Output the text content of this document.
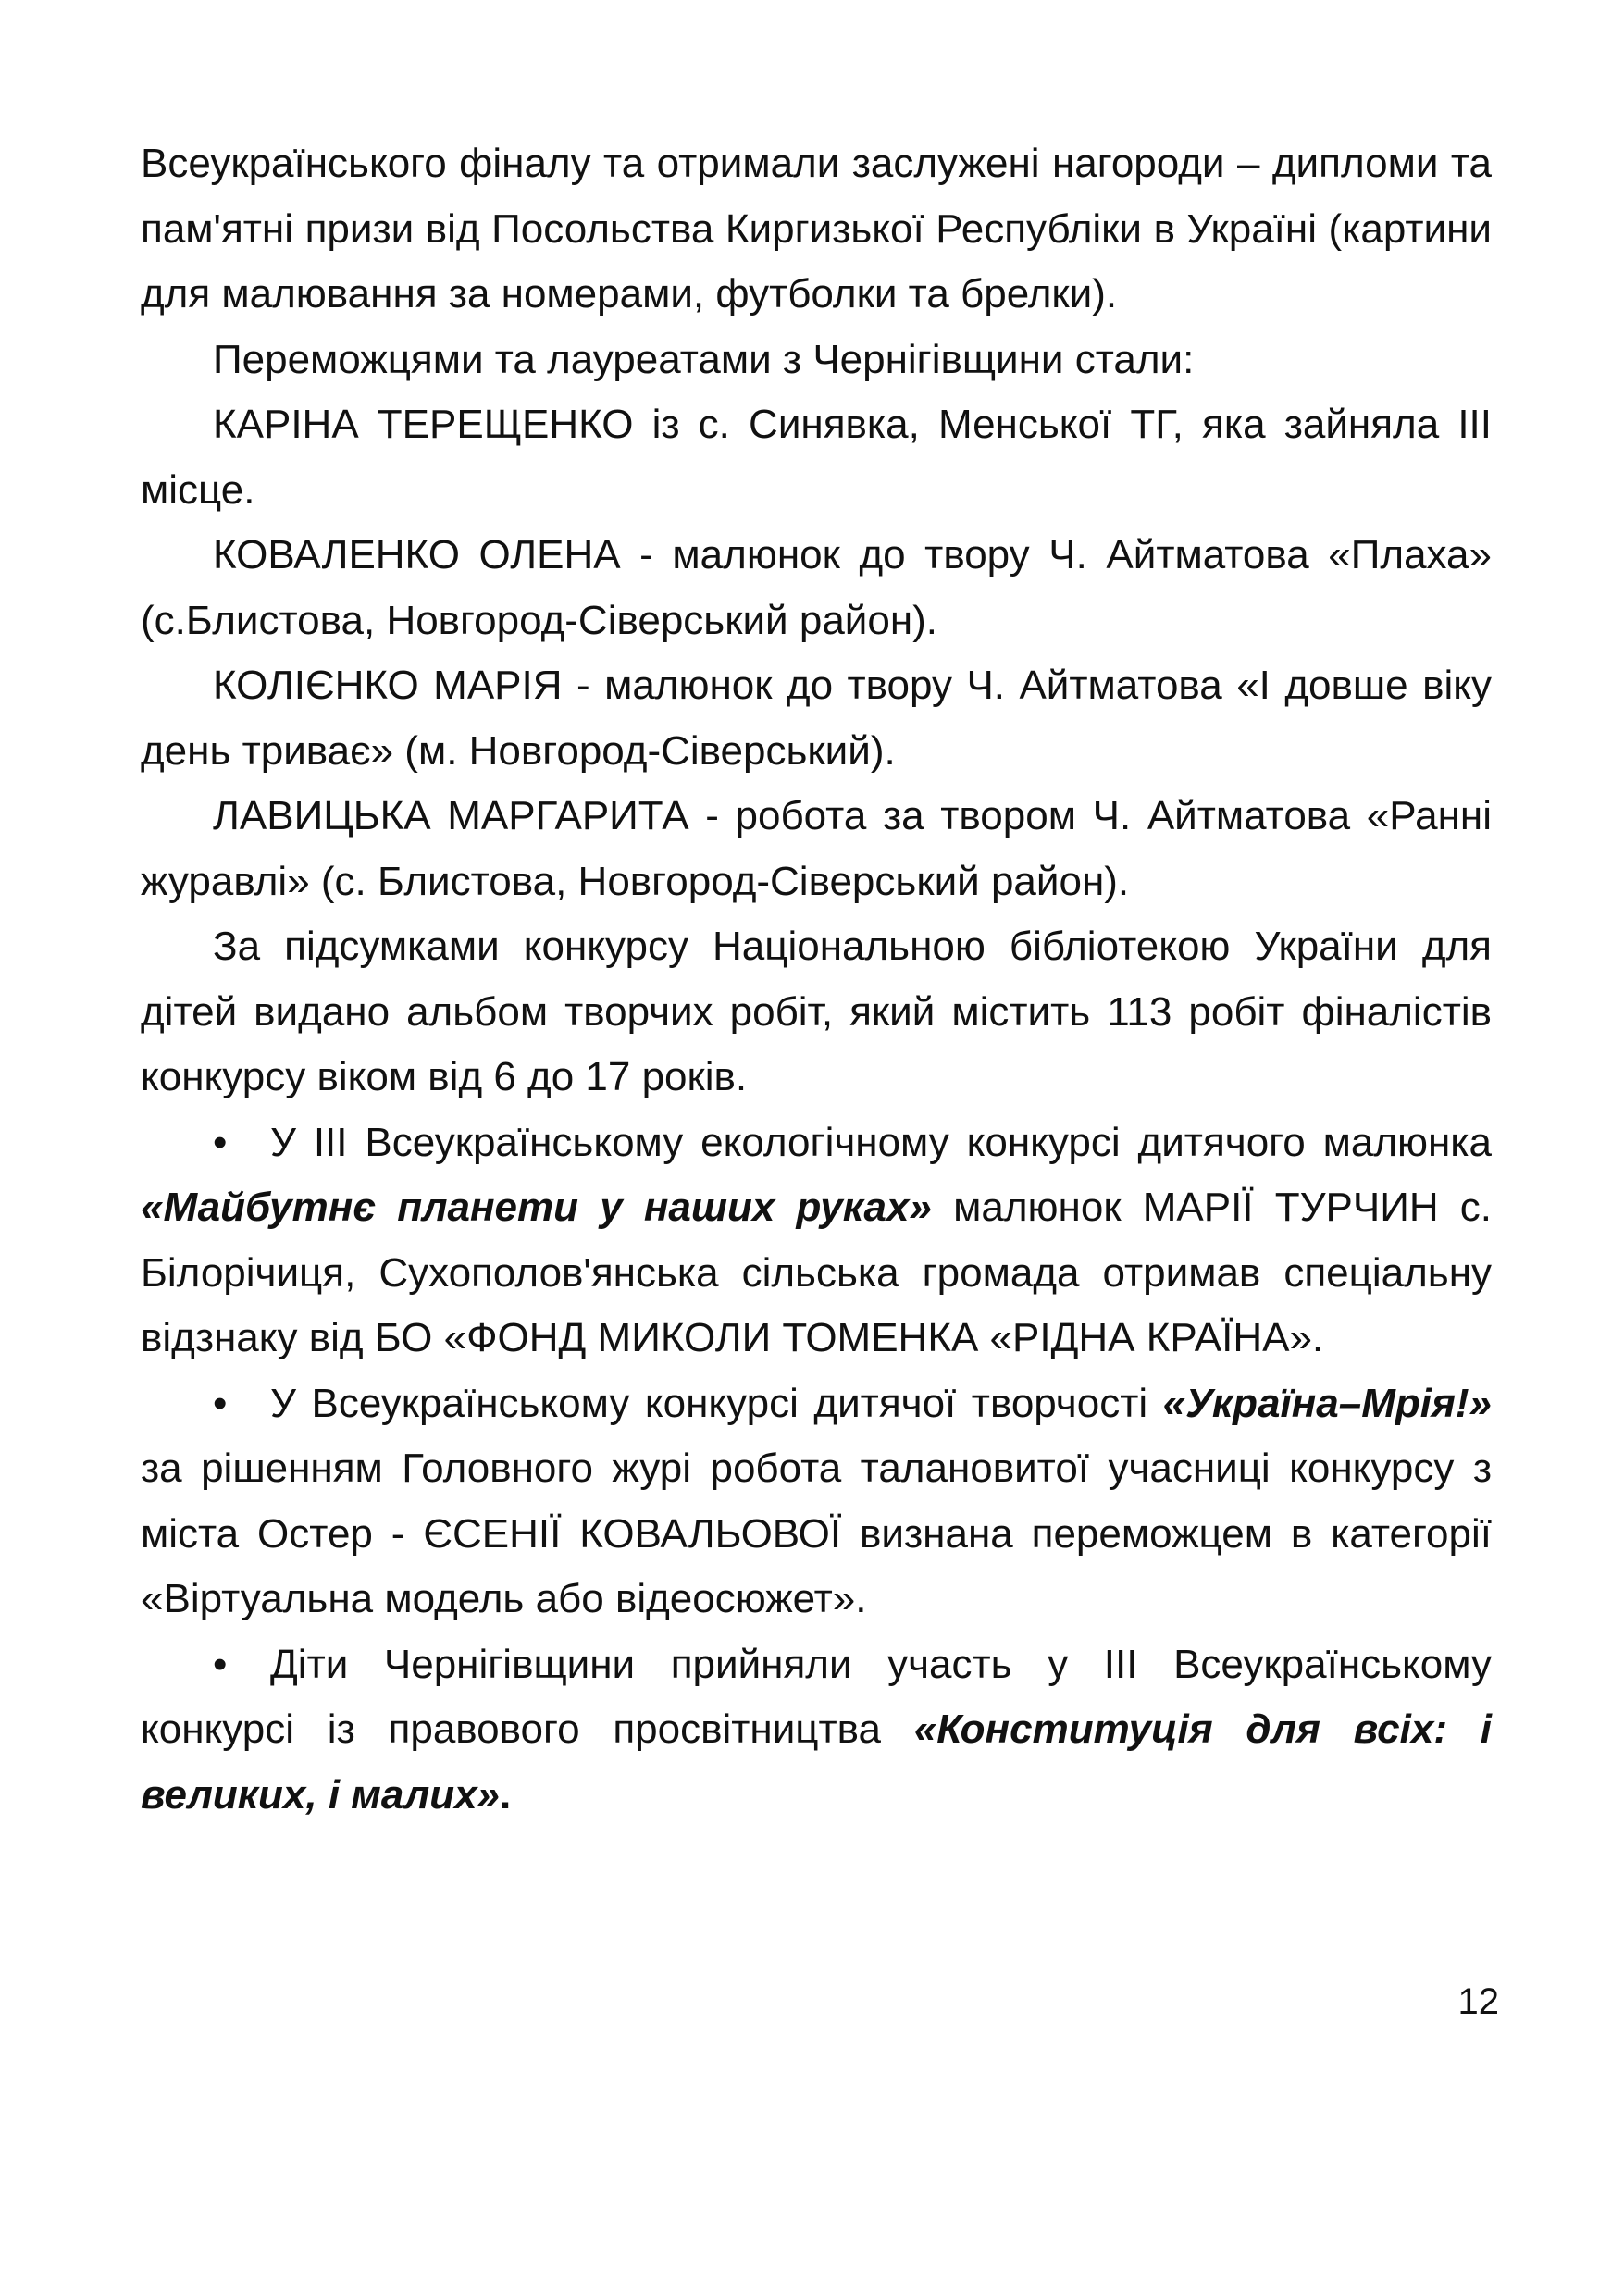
Всеукраїнського фіналу та отримали заслужені нагороди – дипломи та пам'ятні призи від Посольства Киргизької Республіки в Україні (картини для малювання за номерами, футболки та брелки).

Переможцями та лауреатами з Чернігівщини стали:

КАРІНА ТЕРЕЩЕНКО із с. Синявка, Менської ТГ, яка зайняла ІІІ місце.

КОВАЛЕНКО ОЛЕНА - малюнок до твору Ч. Айтматова «Плаха» (с.Блистова, Новгород-Сіверський район).

КОЛІЄНКО МАРІЯ - малюнок до твору Ч. Айтматова «І довше віку день триває» (м. Новгород-Сіверський).

ЛАВИЦЬКА МАРГАРИТА - робота за твором Ч. Айтматова «Ранні журавлі» (с. Блистова, Новгород-Сіверський район).

За підсумками конкурсу Національною бібліотекою України для дітей видано альбом творчих робіт, який містить 113 робіт фіналістів конкурсу віком від 6 до 17 років.

• У ІІІ Всеукраїнському екологічному конкурсі дитячого малюнка «Майбутнє планети у наших руках» малюнок МАРІЇ ТУРЧИН с. Білорічиця, Сухополов'янська сільська громада отримав спеціальну відзнаку від БО «ФОНД МИКОЛИ ТОМЕНКА «РІДНА КРАЇНА».

• У Всеукраїнському конкурсі дитячої творчості «Україна–Мрія!» за рішенням Головного журі робота талановитої учасниці конкурсу з міста Остер - ЄСЕНІЇ КОВАЛЬОВОЇ визнана переможцем в категорії «Віртуальна модель або відеосюжет».

• Діти Чернігівщини прийняли участь у ІІІ Всеукраїнському конкурсі із правового просвітництва «Конституція для всіх: і великих, і малих».

12
